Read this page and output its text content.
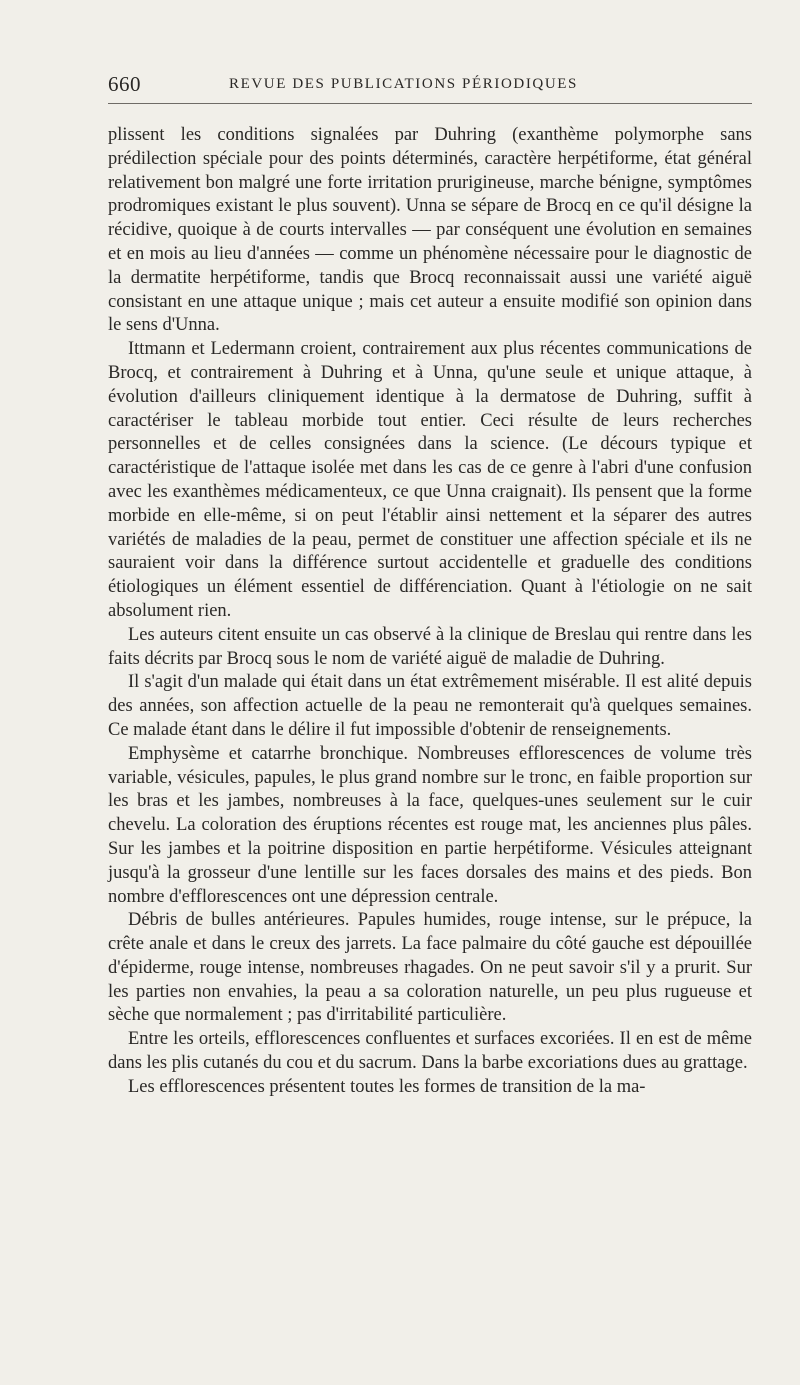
660	REVUE DES PUBLICATIONS PÉRIODIQUES

plissent les conditions signalées par Duhring (exanthème polymorphe sans prédilection spéciale pour des points déterminés, caractère herpétiforme, état général relativement bon malgré une forte irritation prurigineuse, marche bénigne, symptômes prodromiques existant le plus souvent). Unna se sépare de Brocq en ce qu'il désigne la récidive, quoique à de courts intervalles — par conséquent une évolution en semaines et en mois au lieu d'années — comme un phénomène nécessaire pour le diagnostic de la dermatite herpétiforme, tandis que Brocq reconnaissait aussi une variété aiguë consistant en une attaque unique ; mais cet auteur a ensuite modifié son opinion dans le sens d'Unna.

Ittmann et Ledermann croient, contrairement aux plus récentes communications de Brocq, et contrairement à Duhring et à Unna, qu'une seule et unique attaque, à évolution d'ailleurs cliniquement identique à la dermatose de Duhring, suffit à caractériser le tableau morbide tout entier. Ceci résulte de leurs recherches personnelles et de celles consignées dans la science. (Le décours typique et caractéristique de l'attaque isolée met dans les cas de ce genre à l'abri d'une confusion avec les exanthèmes médicamenteux, ce que Unna craignait). Ils pensent que la forme morbide en elle-même, si on peut l'établir ainsi nettement et la séparer des autres variétés de maladies de la peau, permet de constituer une affection spéciale et ils ne sauraient voir dans la différence surtout accidentelle et graduelle des conditions étiologiques un élément essentiel de différenciation. Quant à l'étiologie on ne sait absolument rien.

Les auteurs citent ensuite un cas observé à la clinique de Breslau qui rentre dans les faits décrits par Brocq sous le nom de variété aiguë de maladie de Duhring.

Il s'agit d'un malade qui était dans un état extrêmement misérable. Il est alité depuis des années, son affection actuelle de la peau ne remonterait qu'à quelques semaines. Ce malade étant dans le délire il fut impossible d'obtenir de renseignements.

Emphysème et catarrhe bronchique. Nombreuses efflorescences de volume très variable, vésicules, papules, le plus grand nombre sur le tronc, en faible proportion sur les bras et les jambes, nombreuses à la face, quelques-unes seulement sur le cuir chevelu. La coloration des éruptions récentes est rouge mat, les anciennes plus pâles. Sur les jambes et la poitrine disposition en partie herpétiforme. Vésicules atteignant jusqu'à la grosseur d'une lentille sur les faces dorsales des mains et des pieds. Bon nombre d'efflorescences ont une dépression centrale.

Débris de bulles antérieures. Papules humides, rouge intense, sur le prépuce, la crête anale et dans le creux des jarrets. La face palmaire du côté gauche est dépouillée d'épiderme, rouge intense, nombreuses rhagades. On ne peut savoir s'il y a prurit. Sur les parties non envahies, la peau a sa coloration naturelle, un peu plus rugueuse et sèche que normalement ; pas d'irritabilité particulière.

Entre les orteils, efflorescences confluentes et surfaces excoriées. Il en est de même dans les plis cutanés du cou et du sacrum. Dans la barbe excoriations dues au grattage.

Les efflorescences présentent toutes les formes de transition de la ma-
